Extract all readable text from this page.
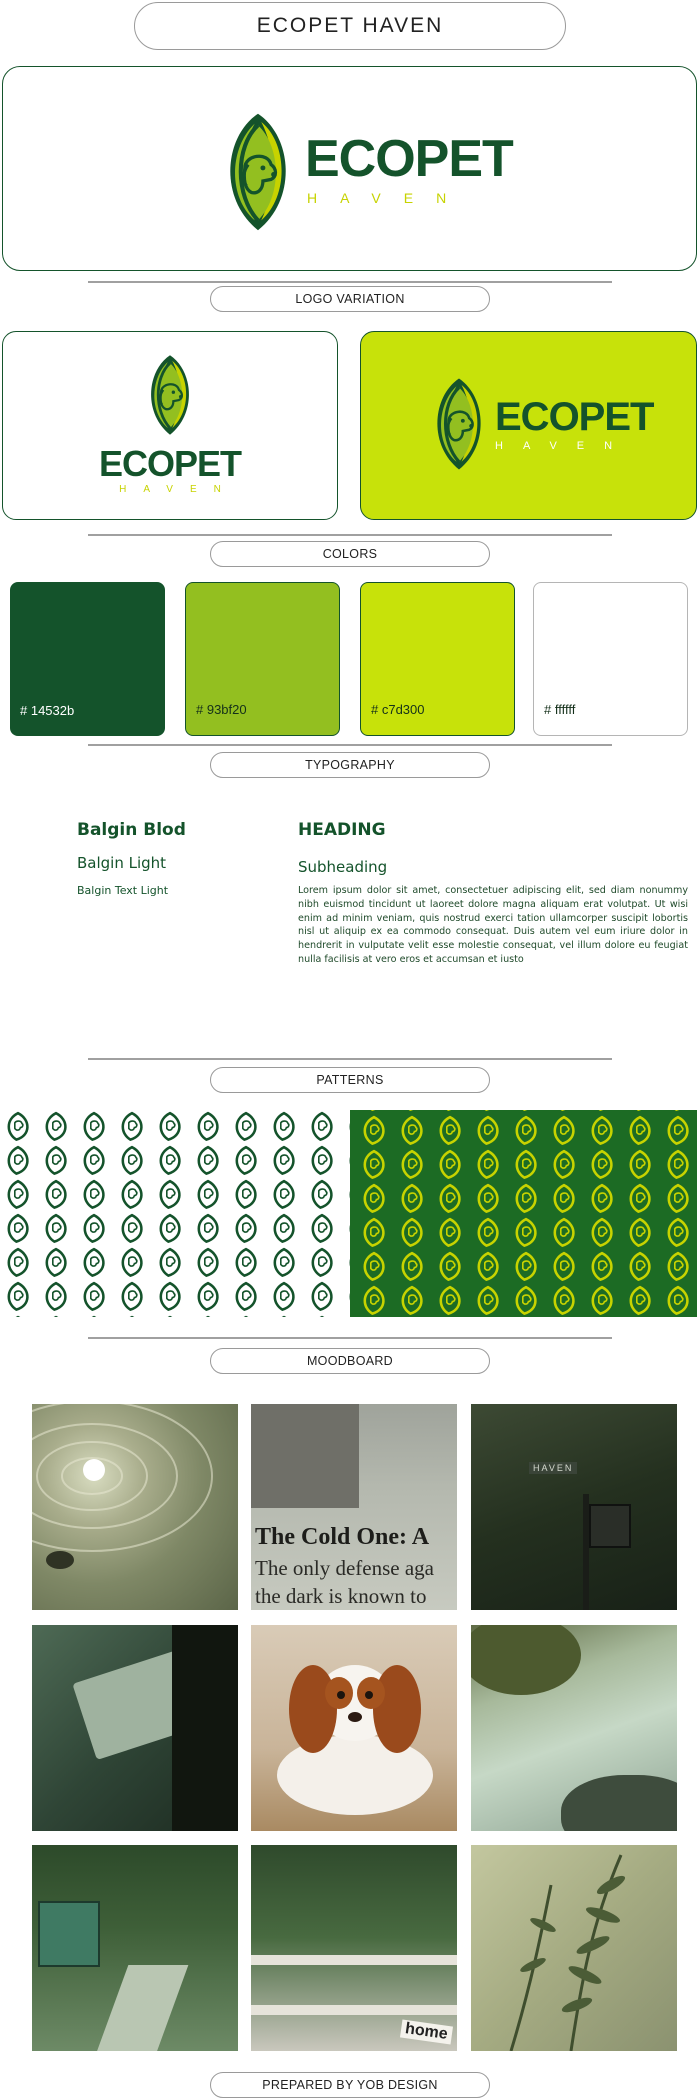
ECOPET HAVEN
ECOPET
HAVEN
LOGO VARIATION
ECOPET
HAVEN
ECOPET
HAVEN
COLORS
# 14532b	# 93bf20	# c7d300	# ffffff
TYPOGRAPHY
Balgin Blod
Balgin Light
Balgin Text Light
HEADING
Subheading
Lorem ipsum dolor sit amet, consectetuer adipiscing elit, sed diam nonummy nibh euismod tincidunt ut laoreet dolore magna aliquam erat volutpat. Ut wisi enim ad minim veniam, quis nostrud exerci tation ullamcorper suscipit lobortis nisl ut aliquip ex ea commodo consequat. Duis autem vel eum iriure dolor in hendrerit in vulputate velit esse molestie consequat, vel illum dolore eu feugiat nulla facilisis at vero eros et accumsan et iusto
PATTERNS
MOODBOARD
The Cold One: A
The only defense aga
the dark is known to
HAVEN
home
PREPARED BY YOB DESIGN
